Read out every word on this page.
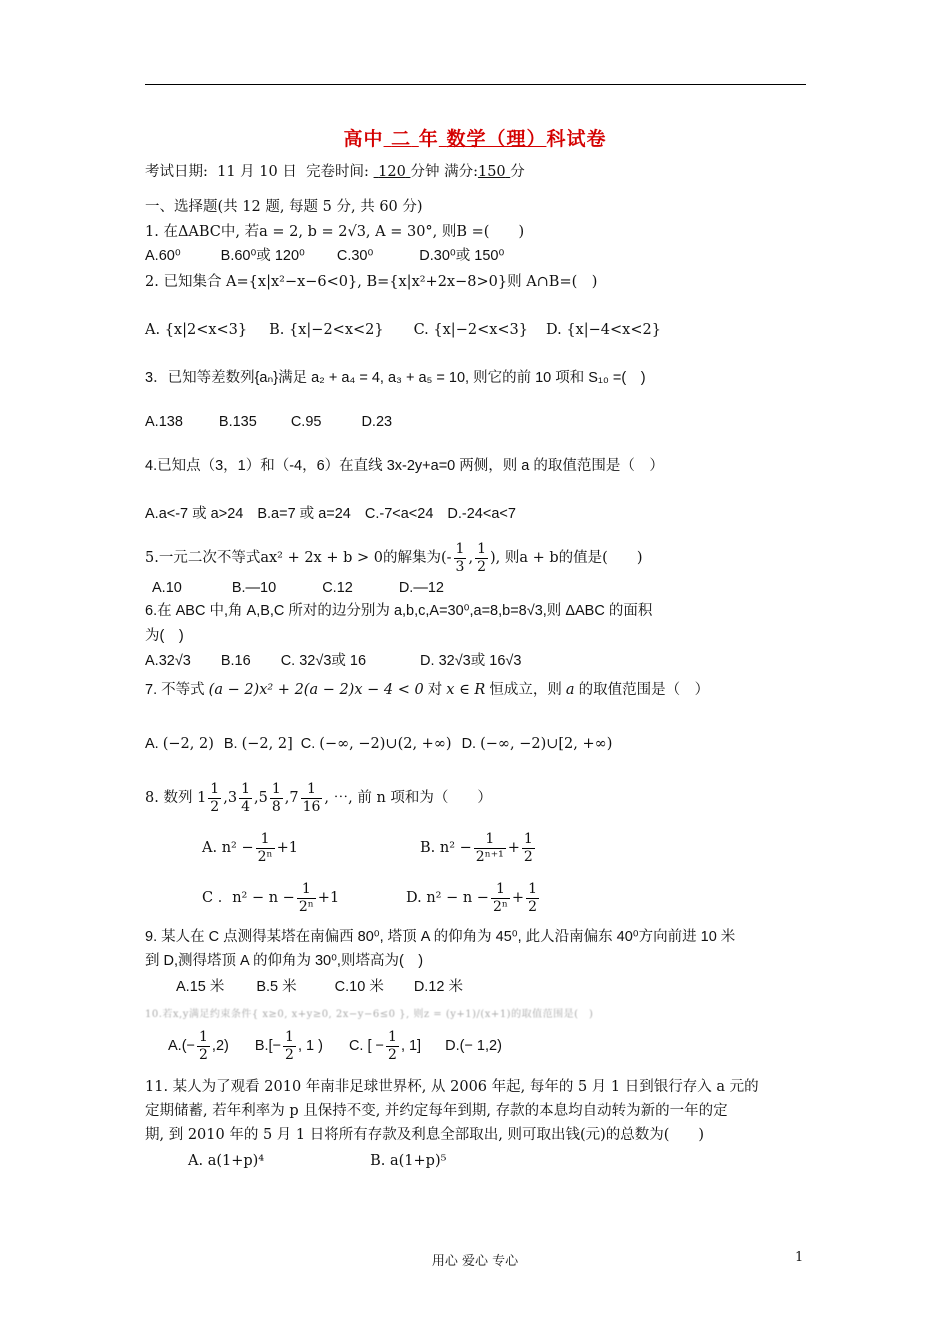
高中 二 年 数学（理）科试卷
考试日期: 11 月 10 日 完卷时间: 120 分钟 满分:150 分
一、选择题(共 12 题, 每题 5 分, 共 60 分)
1. 在ΔABC中, 若a = 2, b = 2√3, A = 30°, 则B =(　　)
A.60⁰	B.60⁰或 120⁰ C.30⁰	D.30⁰或 150⁰
2. 已知集合 A={x|x²−x−6<0}, B={x|x²+2x−8>0}则 A∩B=(　)
A. {x|2<x<3} B. {x|−2<x<2} C. {x|−2<x<3} D. {x|−4<x<2}
3．已知等差数列{aₙ}满足 a₂ + a₄ = 4, a₃ + a₅ = 10, 则它的前 10 项和 S₁₀ =(　)
A.138 B.135 C.95	D.23
4.已知点（3，1）和（-4，6）在直线 3x-2y+a=0 两侧，则 a 的取值范围是（　）
A.a<-7 或 a>24 B.a=7 或 a=24 C.-7<a<24 D.-24<a<7
5.一元二次不等式ax² + 2x + b > 0的解集为(- $\frac{1}{3}$ , $\frac{1}{2}$ ), 则a + b的值是(　　)
A.10	B.—10	C.12	D.—12
6.在 ABC 中,角 A,B,C 所对的边分别为 a,b,c,A=30⁰,a=8,b=8√3,则 ΔABC 的面积
为(　)
A.32√3 B.16 C. 32√3或 16	D. 32√3或 16√3
7. 不等式 (a − 2)x² + 2(a − 2)x − 4 < 0 对 x ∈ R 恒成立，则 a 的取值范围是（　）
A. (−2, 2) B. (−2, 2] C. (−∞, −2)∪(2, +∞) D. (−∞, −2)∪[2, +∞)
8. 数列 $1 \frac{1}{2} ,3 \frac{1}{4} ,5 \frac{1}{8} ,7 \frac{1}{16}$ , ⋯, 前 n 项和为（　　）
A. $n^2 - \frac{1}{\text{2ⁿ}} +1$	B. $n^2 - \frac{1}{\text{2ⁿ⁺¹}} + \frac{1}{2}$
C ．$n^2 - n - \frac{1}{\text{2ⁿ}} +1$	D. $n^2 - n - \frac{1}{\text{2ⁿ}} + \frac{1}{2}$
9. 某人在 C 点测得某塔在南偏西 80⁰, 塔顶 A 的仰角为 45⁰, 此人沿南偏东 40⁰方向前进 10 米
到 D,测得塔顶 A 的仰角为 30⁰,则塔高为(　)
A.15 米 B.5 米	C.10 米 D.12 米
10.若x,y满足约束条件{ x≥0, x+y≥0, 2x−y−6≤0 }, 则z = (y+1)/(x+1)的取值范围是(　)
$A.(- \frac{1}{2} ,2)$ $B.[- \frac{1}{2}$ , 1 ) C. [ − $\frac{1}{2}$ , 1] D.(− 1,2)
11. 某人为了观看 2010 年南非足球世界杯, 从 2006 年起, 每年的 5 月 1 日到银行存入 a 元的
定期储蓄, 若年利率为 p 且保持不变, 并约定每年到期, 存款的本息均自动转为新的一年的定
期, 到 2010 年的 5 月 1 日将所有存款及利息全部取出, 则可取出钱(元)的总数为(　　)
A. a(1+p)⁴	B. a(1+p)⁵
用心 爱心 专心	1
